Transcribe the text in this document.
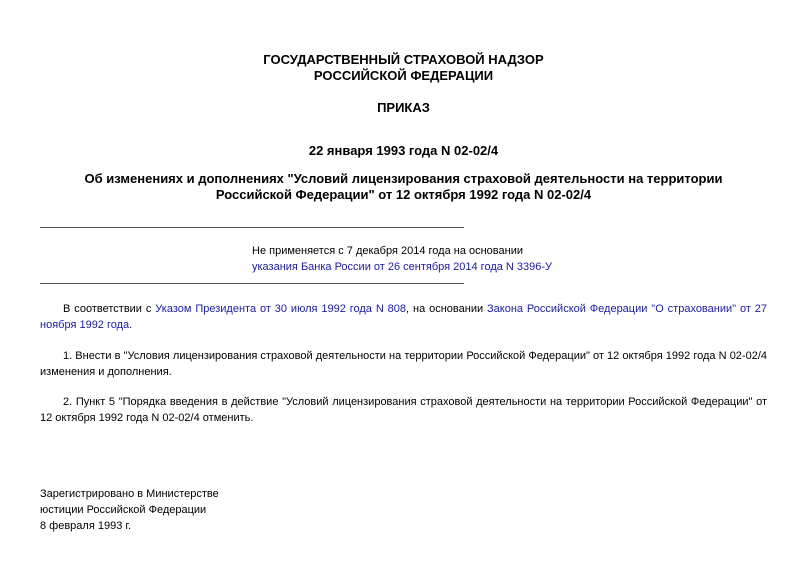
ГОСУДАРСТВЕННЫЙ СТРАХОВОЙ НАДЗОР
РОССИЙСКОЙ ФЕДЕРАЦИИ
ПРИКАЗ
22 января 1993 года N 02-02/4
Об изменениях и дополнениях "Условий лицензирования страховой деятельности на территории
Российской Федерации" от 12 октября 1992 года N 02-02/4
Не применяется с 7 декабря 2014 года на основании
указания Банка России от 26 сентября 2014 года N 3396-У
В соответствии с Указом Президента от 30 июля 1992 года N 808, на основании Закона Российской Федерации "О страховании" от 27 ноября 1992 года.
1. Внести в "Условия лицензирования страховой деятельности на территории Российской Федерации" от 12 октября 1992 года N 02-02/4 изменения и дополнения.
2. Пункт 5 "Порядка введения в действие "Условий лицензирования страховой деятельности на территории Российской Федерации" от 12 октября 1992 года N 02-02/4 отменить.
Зарегистрировано в Министерстве
юстиции Российской Федерации
8 февраля 1993 г.
